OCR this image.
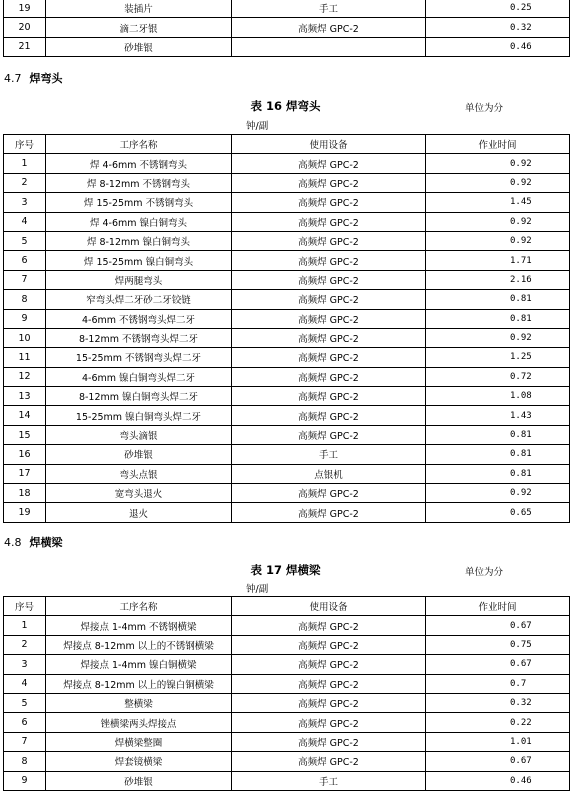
19	装插片	手工	0.25
20	滴二牙银	高频焊 GPC-2	0.32
21	砂堆银		0.46
4.7 焊弯头
表 16 焊弯头	单位为分
钟/副
序号	工序名称	使用设备	作业时间
1	焊 4-6mm 不锈钢弯头	高频焊 GPC-2	0.92
2	焊 8-12mm 不锈钢弯头	高频焊 GPC-2	0.92
3	焊 15-25mm 不锈钢弯头	高频焊 GPC-2	1.45
4	焊 4-6mm 镍白铜弯头	高频焊 GPC-2	0.92
5	焊 8-12mm 镍白铜弯头	高频焊 GPC-2	0.92
6	焊 15-25mm 镍白铜弯头	高频焊 GPC-2	1.71
7	焊两腿弯头	高频焊 GPC-2	2.16
8	窄弯头焊二牙砂二牙铰链	高频焊 GPC-2	0.81
9	4-6mm 不锈钢弯头焊二牙	高频焊 GPC-2	0.81
10	8-12mm 不锈钢弯头焊二牙	高频焊 GPC-2	0.92
11	15-25mm 不锈钢弯头焊二牙	高频焊 GPC-2	1.25
12	4-6mm 镍白铜弯头焊二牙	高频焊 GPC-2	0.72
13	8-12mm 镍白铜弯头焊二牙	高频焊 GPC-2	1.08
14	15-25mm 镍白铜弯头焊二牙	高频焊 GPC-2	1.43
15	弯头滴银	高频焊 GPC-2	0.81
16	砂堆银	手工	0.81
17	弯头点银	点银机	0.81
18	宽弯头退火	高频焊 GPC-2	0.92
19	退火	高频焊 GPC-2	0.65
4.8 焊横梁
表 17 焊横梁	单位为分
钟/副
序号	工序名称	使用设备	作业时间
1	焊接点 1-4mm 不锈钢横梁	高频焊 GPC-2	0.67
2	焊接点 8-12mm 以上的不锈钢横梁	高频焊 GPC-2	0.75
3	焊接点 1-4mm 镍白铜横梁	高频焊 GPC-2	0.67
4	焊接点 8-12mm 以上的镍白铜横梁	高频焊 GPC-2	0.7
5	整横梁	高频焊 GPC-2	0.32
6	锉横梁两头焊接点	高频焊 GPC-2	0.22
7	焊横梁整圈	高频焊 GPC-2	1.01
8	焊套镜横梁	高频焊 GPC-2	0.67
9	砂堆银	手工	0.46
